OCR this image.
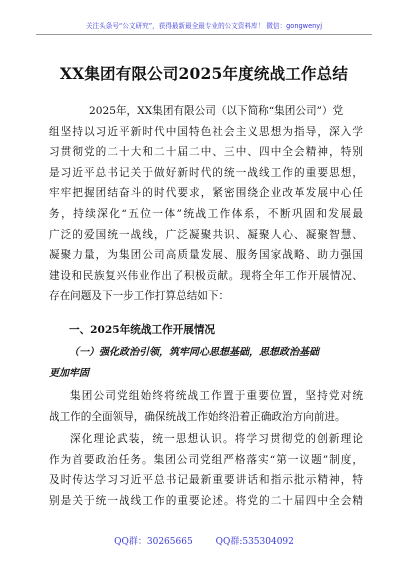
关注头条号“公文研究”，获得最新最全最专业的公文资料库！ 微信：gongwenyj
XX集团有限公司2025年度统战工作总结

2025年，XX集团有限公司（以下简称“集团公司”）党
组坚持以习近平新时代中国特色社会主义思想为指导，深入学
习贯彻党的二十大和二十届二中、三中、四中全会精神，特别
是习近平总书记关于做好新时代的统一战线工作的重要思想，
牢牢把握团结奋斗的时代要求，紧密围绕企业改革发展中心任
务，持续深化“五位一体”统战工作体系，不断巩固和发展最
广泛的爱国统一战线，广泛凝聚共识、凝聚人心、凝聚智慧、
凝聚力量，为集团公司高质量发展、服务国家战略、助力强国
建设和民族复兴伟业作出了积极贡献。现将全年工作开展情况、
存在问题及下一步工作打算总结如下：

一、2025年统战工作开展情况
（一）强化政治引领，筑牢同心思想基础，思想政治基础
更加牢固

集团公司党组始终将统战工作置于重要位置，坚持党对统
战工作的全面领导，确保统战工作始终沿着正确政治方向前进。

深化理论武装，统一思想认识。将学习贯彻党的创新理论
作为首要政治任务。集团公司党组严格落实“第一议题”制度，
及时传达学习习近平总书记最新重要讲话和指示批示精神，特
别是关于统一战线工作的重要论述。将党的二十届四中全会精

QQ群：30265665	QQ群:535304092
